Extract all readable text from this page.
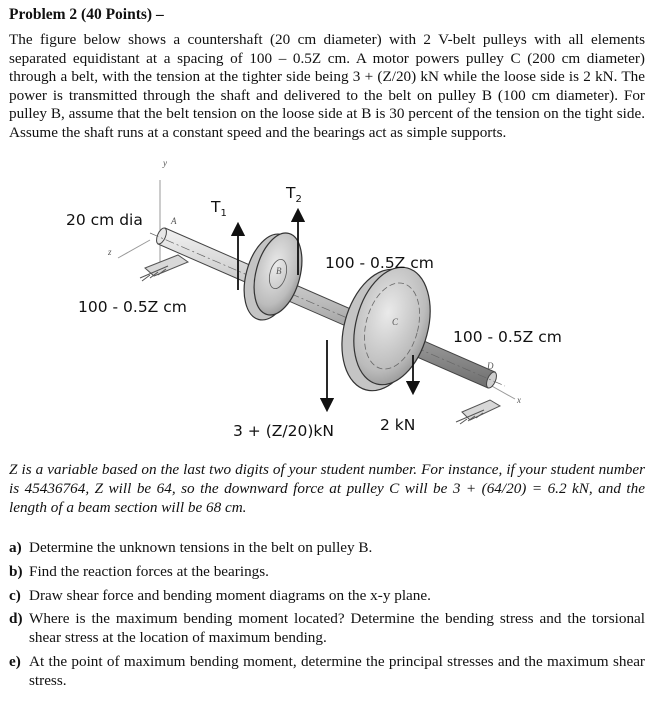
Problem 2 (40 Points) –
The figure below shows a countershaft (20 cm diameter) with 2 V-belt pulleys with all elements separated equidistant at a spacing of 100 – 0.5Z cm. A motor powers pulley C (200 cm diameter) through a belt, with the tension at the tighter side being 3 + (Z/20) kN while the loose side is 2 kN. The power is transmitted through the shaft and delivered to the belt on pulley B (100 cm diameter). For pulley B, assume that the belt tension on the loose side at B is 30 percent of the tension on the tight side. Assume the shaft runs at a constant speed and the bearings act as simple supports.
y
z
x
20 cm dia	A
B
C
D
$T_1$
$T_2$
100 - 0.5Z cm
100 - 0.5Z cm
100 - 0.5Z cm
3 + (Z/20)kN	2 kN
Z is a variable based on the last two digits of your student number. For instance, if your student number is 45436764, Z will be 64, so the downward force at pulley C will be 3 + (64/20) = 6.2 kN, and the length of a beam section will be 68 cm.
a) Determine the unknown tensions in the belt on pulley B.
b) Find the reaction forces at the bearings.
c) Draw shear force and bending moment diagrams on the x-y plane.
d) Where is the maximum bending moment located? Determine the bending stress and the torsional shear stress at the location of maximum bending.
e) At the point of maximum bending moment, determine the principal stresses and the maximum shear stress.
